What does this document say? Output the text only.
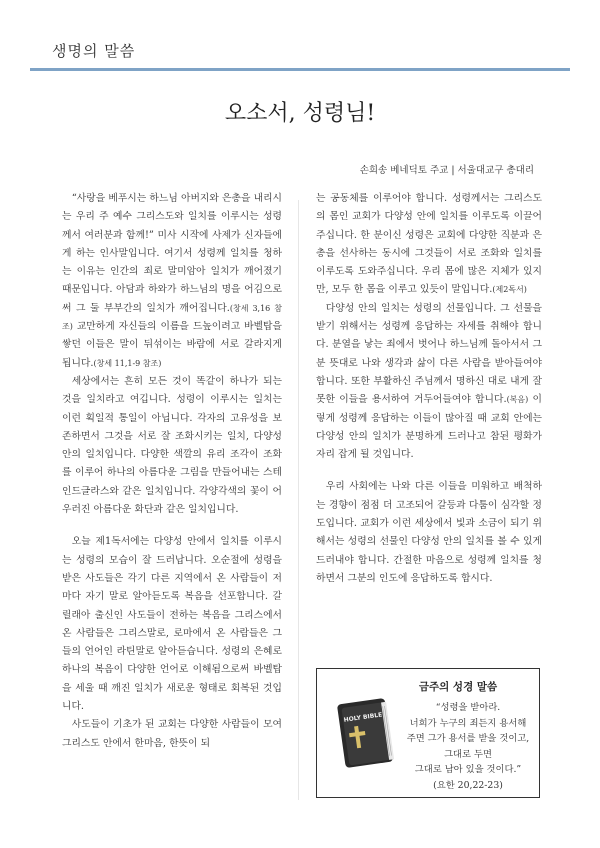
생명의 말씀
오소서, 성령님!
손희송 베네딕토 주교 | 서울대교구 총대리

“사랑을 베푸시는 하느님 아버지와 은총을 내리시는 우리 주 예수 그리스도와 일치를 이루시는 성령께서 여러분과 함께!” 미사 시작에 사제가 신자들에게 하는 인사말입니다. 여기서 성령께 일치를 청하는 이유는 인간의 죄로 말미암아 일치가 깨어졌기 때문입니다. 아담과 하와가 하느님의 명을 어김으로써 그 둘 부부간의 일치가 깨어집니다.(창세 3,16 참조) 교만하게 자신들의 이름을 드높이려고 바벨탑을 쌓던 이들은 말이 뒤섞이는 바람에 서로 갈라지게 됩니다.(창세 11,1-9 참조)

세상에서는 흔히 모든 것이 똑같이 하나가 되는 것을 일치라고 여깁니다. 성령이 이루시는 일치는 이런 획일적 통일이 아닙니다. 각자의 고유성을 보존하면서 그것을 서로 잘 조화시키는 일치, 다양성 안의 일치입니다. 다양한 색깔의 유리 조각이 조화를 이루어 하나의 아름다운 그림을 만들어내는 스테인드글라스와 같은 일치입니다. 각양각색의 꽃이 어우러진 아름다운 화단과 같은 일치입니다.

오늘 제1독서에는 다양성 안에서 일치를 이루시는 성령의 모습이 잘 드러납니다. 오순절에 성령을 받은 사도들은 각기 다른 지역에서 온 사람들이 저마다 자기 말로 알아듣도록 복음을 선포합니다. 갈릴래아 출신인 사도들이 전하는 복음을 그리스에서 온 사람들은 그리스말로, 로마에서 온 사람들은 그들의 언어인 라틴말로 알아듣습니다. 성령의 은혜로 하나의 복음이 다양한 언어로 이해됨으로써 바벨탑을 세울 때 깨진 일치가 새로운 형태로 회복된 것입니다.

사도들이 기초가 된 교회는 다양한 사람들이 모여 그리스도 안에서 한마음, 한뜻이 되

는 공동체를 이루어야 합니다. 성령께서는 그리스도의 몸인 교회가 다양성 안에 일치를 이루도록 이끌어주십니다. 한 분이신 성령은 교회에 다양한 직분과 은총을 선사하는 동시에 그것들이 서로 조화와 일치를 이루도록 도와주십니다. 우리 몸에 많은 지체가 있지만, 모두 한 몸을 이루고 있듯이 말입니다.(제2독서)

다양성 안의 일치는 성령의 선물입니다. 그 선물을 받기 위해서는 성령께 응답하는 자세를 취해야 합니다. 분열을 낳는 죄에서 벗어나 하느님께 돌아서서 그분 뜻대로 나와 생각과 삶이 다른 사람을 받아들여야 합니다. 또한 부활하신 주님께서 명하신 대로 내게 잘못한 이들을 용서하여 거두어들여야 합니다.(복음) 이렇게 성령께 응답하는 이들이 많아질 때 교회 안에는 다양성 안의 일치가 분명하게 드러나고 참된 평화가 자리 잡게 될 것입니다.

우리 사회에는 나와 다른 이들을 미워하고 배척하는 경향이 점점 더 고조되어 갈등과 다툼이 심각할 정도입니다. 교회가 이런 세상에서 빛과 소금이 되기 위해서는 성령의 선물인 다양성 안의 일치를 볼 수 있게 드러내야 합니다. 간절한 마음으로 성령께 일치를 청하면서 그분의 인도에 응답하도록 합시다.

HOLY BIBLE
금주의 성경 말씀
“성령을 받아라.
너희가 누구의 죄든지 용서해
주면 그가 용서를 받을 것이고,
그대로 두면
그대로 남아 있을 것이다.”
(요한 20,22-23)
